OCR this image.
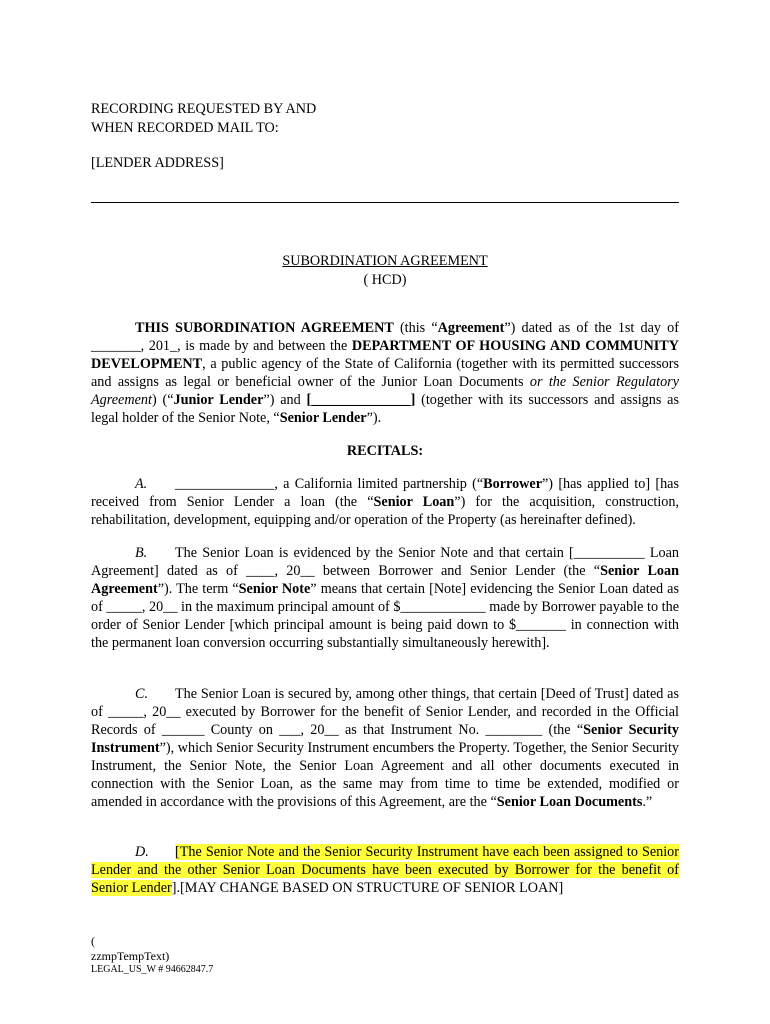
RECORDING REQUESTED BY AND
WHEN RECORDED MAIL TO:
[LENDER ADDRESS]
SUBORDINATION AGREEMENT
( HCD)
THIS SUBORDINATION AGREEMENT (this “Agreement”) dated as of the 1st day of _______, 201_, is made by and between the DEPARTMENT OF HOUSING AND COMMUNITY DEVELOPMENT, a public agency of the State of California (together with its permitted successors and assigns as legal or beneficial owner of the Junior Loan Documents or the Senior Regulatory Agreement) (“Junior Lender”) and [______________] (together with its successors and assigns as legal holder of the Senior Note, “Senior Lender”).
RECITALS:
A. ______________, a California limited partnership (“Borrower”) [has applied to] [has received from Senior Lender a loan (the “Senior Loan”) for the acquisition, construction, rehabilitation, development, equipping and/or operation of the Property (as hereinafter defined).
B. The Senior Loan is evidenced by the Senior Note and that certain [__________ Loan Agreement] dated as of ____, 20__ between Borrower and Senior Lender (the “Senior Loan Agreement”). The term “Senior Note” means that certain [Note] evidencing the Senior Loan dated as of _____, 20__ in the maximum principal amount of $____________ made by Borrower payable to the order of Senior Lender [which principal amount is being paid down to $_______ in connection with the permanent loan conversion occurring substantially simultaneously herewith].
C. The Senior Loan is secured by, among other things, that certain [Deed of Trust] dated as of _____, 20__ executed by Borrower for the benefit of Senior Lender, and recorded in the Official Records of ______ County on ___, 20__ as that Instrument No. ________ (the “Senior Security Instrument”), which Senior Security Instrument encumbers the Property. Together, the Senior Security Instrument, the Senior Note, the Senior Loan Agreement and all other documents executed in connection with the Senior Loan, as the same may from time to time be extended, modified or amended in accordance with the provisions of this Agreement, are the “Senior Loan Documents.”
D. [The Senior Note and the Senior Security Instrument have each been assigned to Senior Lender and the other Senior Loan Documents have been executed by Borrower for the benefit of Senior Lender].[MAY CHANGE BASED ON STRUCTURE OF SENIOR LOAN]
(
zzmpTempText)
LEGAL_US_W # 94662847.7
